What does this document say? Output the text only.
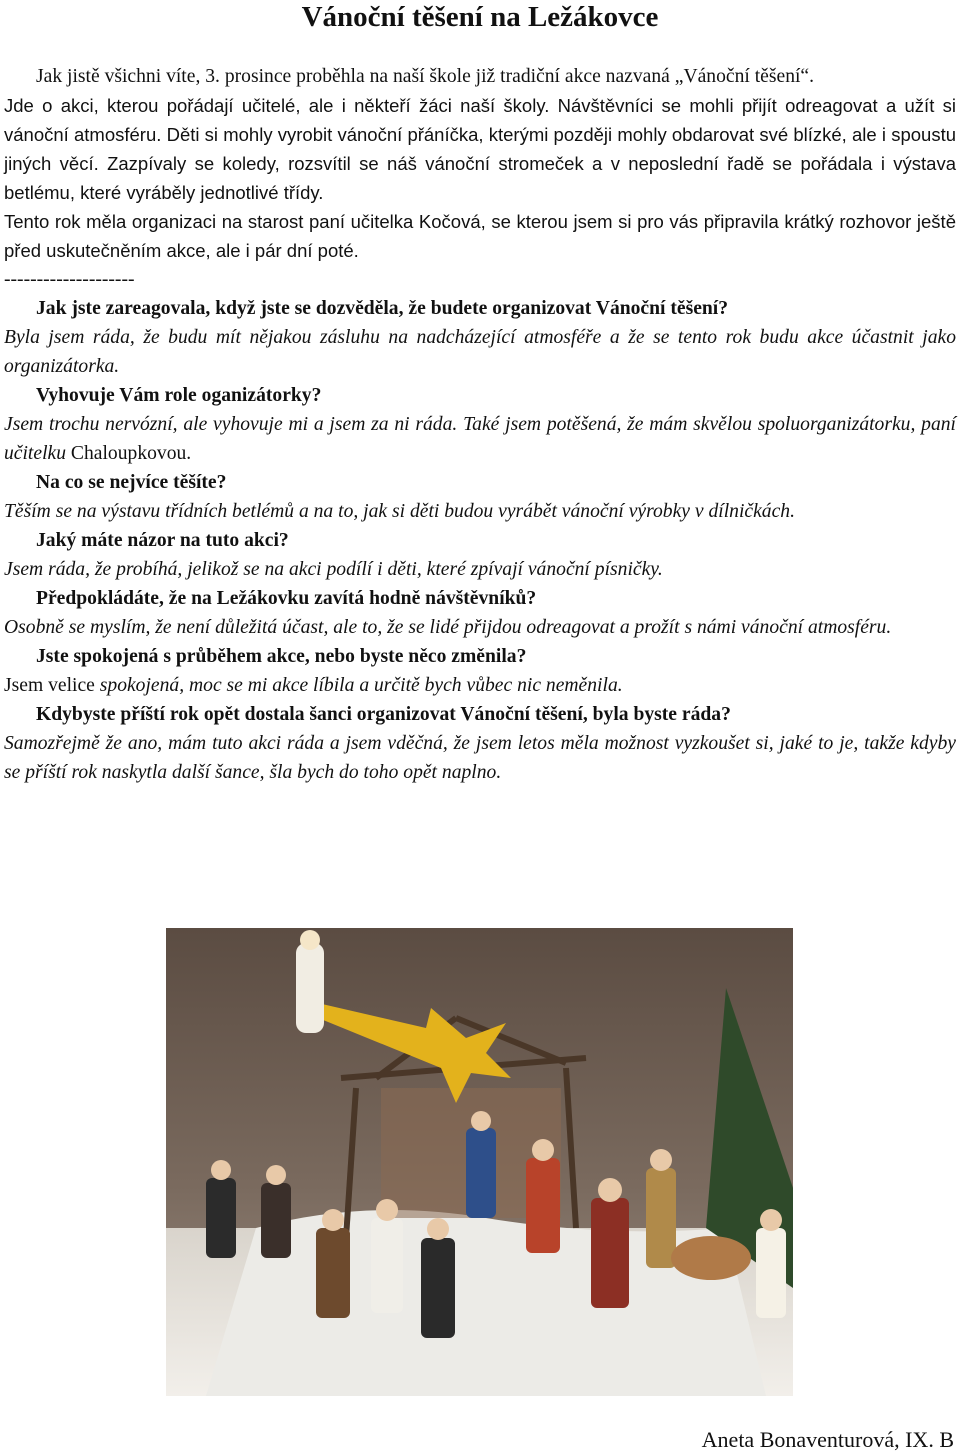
Vánoční těšení na Ležákovce

Jak jistě všichni víte, 3. prosince proběhla na naší škole již tradiční akce nazvaná „Vánoční těšení“.

Jde o akci, kterou pořádají učitelé, ale i někteří žáci naší školy. Návštěvníci se mohli přijít odreagovat a užít si vánoční atmosféru. Děti si mohly vyrobit vánoční přáníčka, kterými později mohly obdarovat své blízké, ale i spoustu jiných věcí. Zazpívaly se koledy, rozsvítil se náš vánoční stromeček a v neposlední řadě se pořádala i výstava betlému, které vyráběly jednotlivé třídy.

Tento rok měla organizaci na starost paní učitelka Kočová, se kterou jsem si pro vás připravila krátký rozhovor ještě před uskutečněním akce, ale i pár dní poté.

--------------------

Jak jste zareagovala, když jste se dozvěděla, že budete organizovat Vánoční těšení?

Byla jsem ráda, že budu mít nějakou zásluhu na nadcházející atmosféře a že se tento rok budu akce účastnit jako organizátorka.

Vyhovuje Vám role oganizátorky?

Jsem trochu nervózní, ale vyhovuje mi a jsem za ni ráda. Také jsem potěšená, že mám skvělou spoluorganizátorku, paní učitelku Chaloupkovou.

Na co se nejvíce těšíte?

Těším se na výstavu třídních betlémů a na to, jak si děti budou vyrábět vánoční výrobky v dílničkách.

Jaký máte názor na tuto akci?

Jsem ráda, že probíhá, jelikož se na akci podílí i děti, které zpívají vánoční písničky.

Předpokládáte, že na Ležákovku zavítá hodně návštěvníků?

Osobně se myslím, že není důležitá účast, ale to, že se lidé přijdou odreagovat a prožít s námi vánoční atmosféru.

Jste spokojená s průběhem akce, nebo byste něco změnila?

Jsem velice spokojená, moc se mi akce líbila a určitě bych vůbec nic neměnila.

Kdybyste příští rok opět dostala šanci organizovat Vánoční těšení, byla byste ráda?

Samozřejmě že ano, mám tuto akci ráda a jsem vděčná, že jsem letos měla možnost vyzkoušet si, jaké to je, takže kdyby se příští rok naskytla další šance, šla bych do toho opět naplno.

Aneta Bonaventurová, IX. B
